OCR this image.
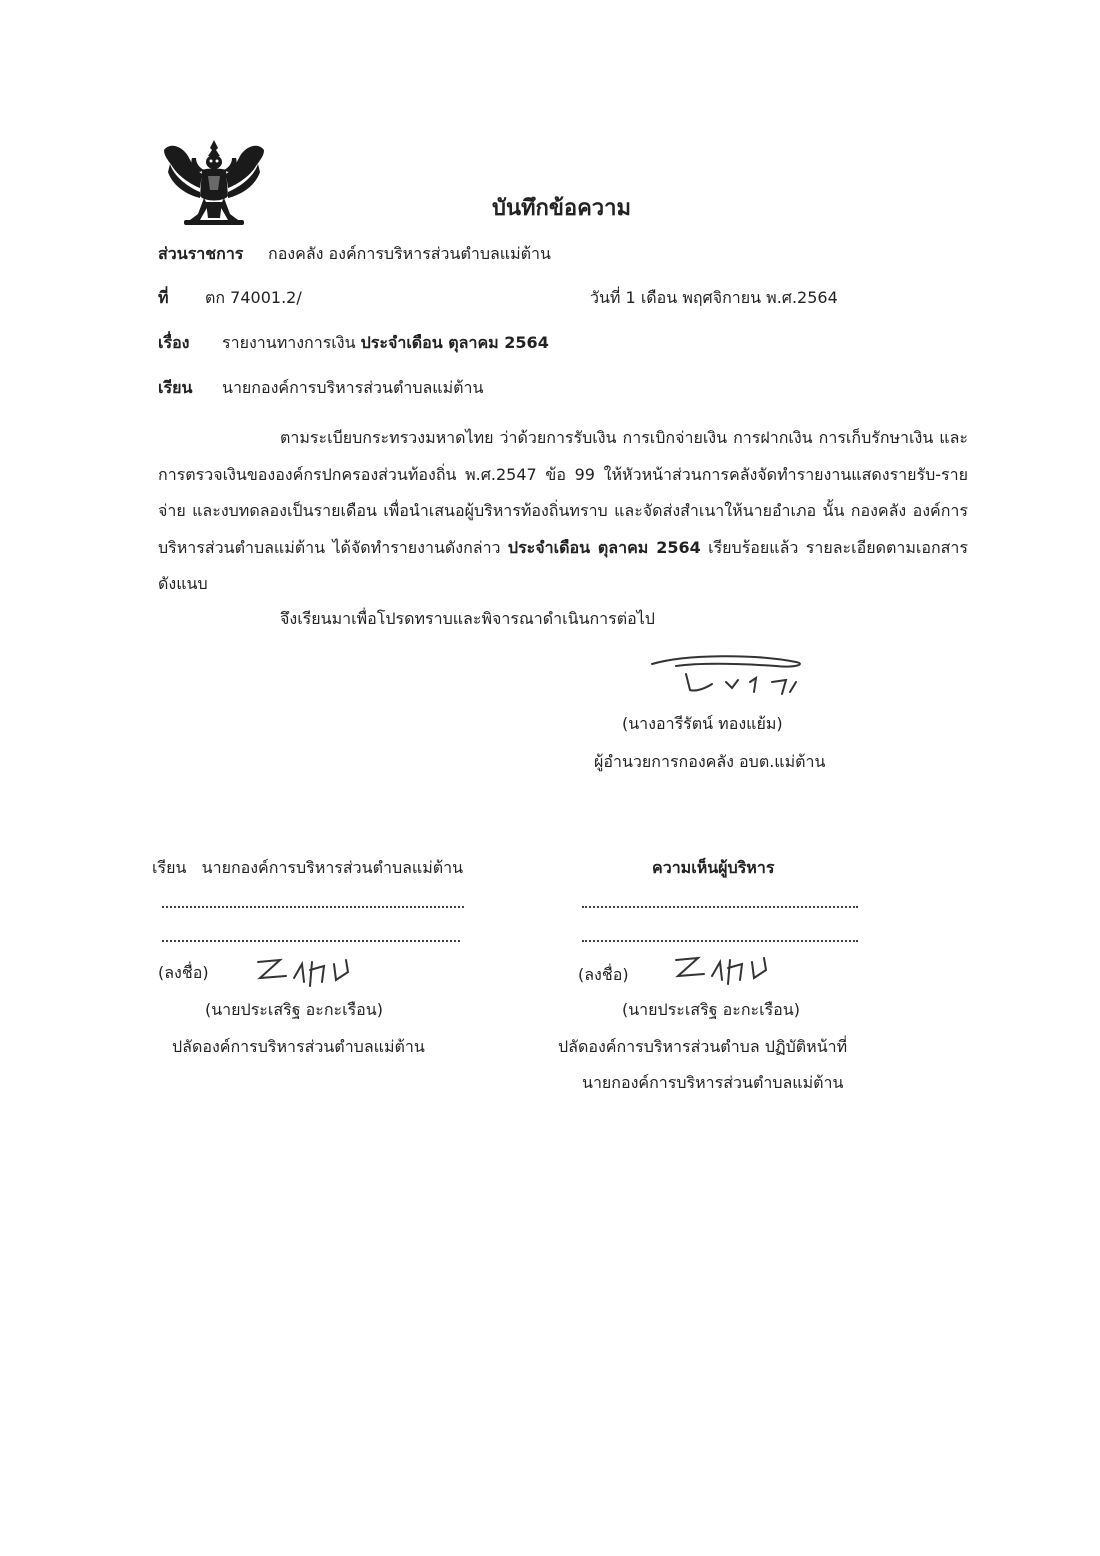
บันทึกข้อความ
ส่วนราชการ กองคลัง องค์การบริหารส่วนตำบลแม่ต้าน
ที่ ตก 74001.2/	วันที่ 1 เดือน พฤศจิกายน พ.ศ.2564
เรื่อง รายงานทางการเงิน ประจำเดือน ตุลาคม 2564
เรียน นายกองค์การบริหารส่วนตำบลแม่ต้าน

ตามระเบียบกระทรวงมหาดไทย ว่าด้วยการรับเงิน การเบิกจ่ายเงิน การฝากเงิน การเก็บรักษาเงิน และการตรวจเงินขององค์กรปกครองส่วนท้องถิ่น พ.ศ.2547 ข้อ 99 ให้หัวหน้าส่วนการคลังจัดทำรายงานแสดงรายรับ-รายจ่าย และงบทดลองเป็นรายเดือน เพื่อนำเสนอผู้บริหารท้องถิ่นทราบ และจัดส่งสำเนาให้นายอำเภอ นั้น กองคลัง องค์การบริหารส่วนตำบลแม่ต้าน ได้จัดทำรายงานดังกล่าว ประจำเดือน ตุลาคม 2564 เรียบร้อยแล้ว รายละเอียดตามเอกสารดังแนบ

จึงเรียนมาเพื่อโปรดทราบและพิจารณาดำเนินการต่อไป
(นางอารีรัตน์ ทองแย้ม)
ผู้อำนวยการกองคลัง อบต.แม่ต้าน
เรียน นายกองค์การบริหารส่วนตำบลแม่ต้าน
(ลงชื่อ)
(นายประเสริฐ อะกะเรือน)
ปลัดองค์การบริหารส่วนตำบลแม่ต้าน
ความเห็นผู้บริหาร
(ลงชื่อ)
(นายประเสริฐ อะกะเรือน)
ปลัดองค์การบริหารส่วนตำบล ปฏิบัติหน้าที่
นายกองค์การบริหารส่วนตำบลแม่ต้าน
